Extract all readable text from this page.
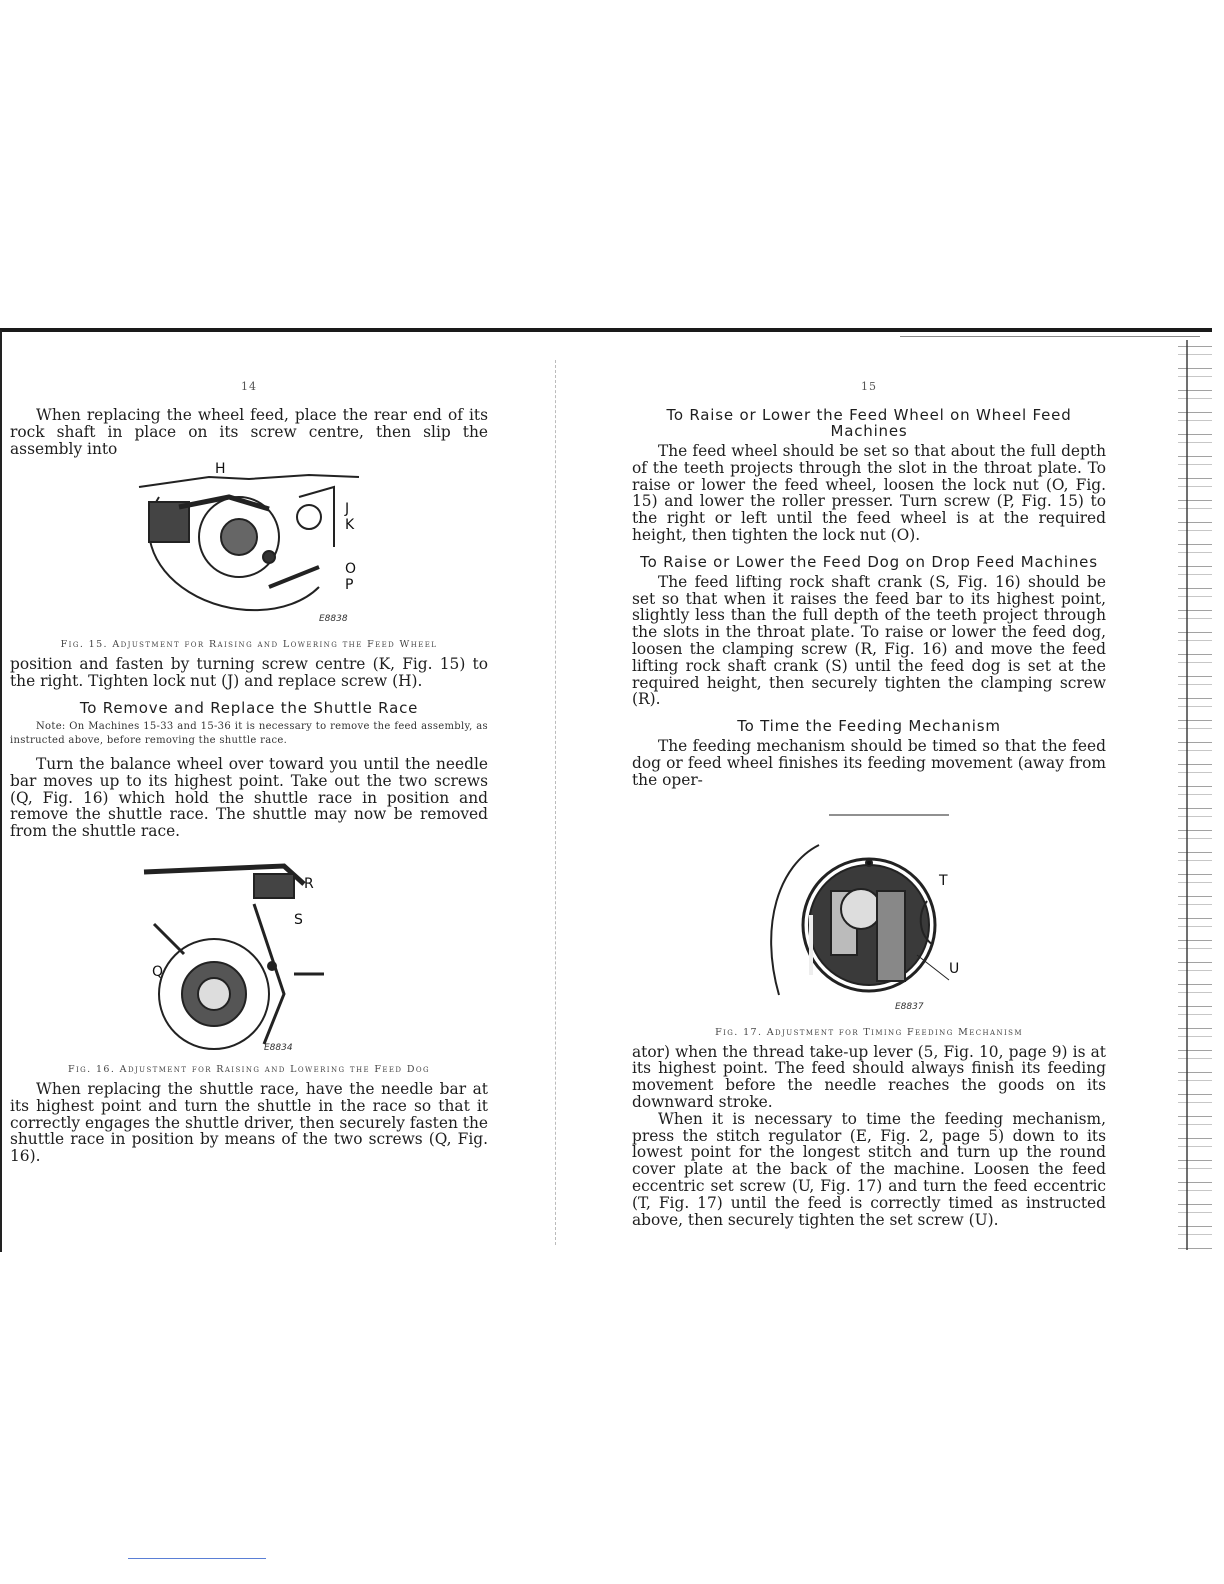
14

When replacing the wheel feed, place the rear end of its rock shaft in place on its screw centre, then slip the assembly into

H
J
K
O
P
E8838
Fig. 15. Adjustment for Raising and Lowering the Feed Wheel

position and fasten by turning screw centre (K, Fig. 15) to the right. Tighten lock nut (J) and replace screw (H).

To Remove and Replace the Shuttle Race

Note: On Machines 15-33 and 15-36 it is necessary to remove the feed assembly, as instructed above, before removing the shuttle race.

Turn the balance wheel over toward you until the needle bar moves up to its highest point. Take out the two screws (Q, Fig. 16) which hold the shuttle race in position and remove the shuttle race. The shuttle may now be removed from the shuttle race.

R
S
Q
E8834
Fig. 16. Adjustment for Raising and Lowering the Feed Dog

When replacing the shuttle race, have the needle bar at its highest point and turn the shuttle in the race so that it correctly engages the shuttle driver, then securely fasten the shuttle race in position by means of the two screws (Q, Fig. 16).

15
To Raise or Lower the Feed Wheel on Wheel Feed Machines

The feed wheel should be set so that about the full depth of the teeth projects through the slot in the throat plate. To raise or lower the feed wheel, loosen the lock nut (O, Fig. 15) and lower the roller presser. Turn screw (P, Fig. 15) to the right or left until the feed wheel is at the required height, then tighten the lock nut (O).

To Raise or Lower the Feed Dog on Drop Feed Machines

The feed lifting rock shaft crank (S, Fig. 16) should be set so that when it raises the feed bar to its highest point, slightly less than the full depth of the teeth project through the slots in the throat plate. To raise or lower the feed dog, loosen the clamping screw (R, Fig. 16) and move the feed lifting rock shaft crank (S) until the feed dog is set at the required height, then securely tighten the clamping screw (R).

To Time the Feeding Mechanism

The feeding mechanism should be timed so that the feed dog or feed wheel finishes its feeding movement (away from the oper-

T
U
E8837
Fig. 17. Adjustment for Timing Feeding Mechanism

ator) when the thread take-up lever (5, Fig. 10, page 9) is at its highest point. The feed should always finish its feeding movement before the needle reaches the goods on its downward stroke.

When it is necessary to time the feeding mechanism, press the stitch regulator (E, Fig. 2, page 5) down to its lowest point for the longest stitch and turn up the round cover plate at the back of the machine. Loosen the feed eccentric set screw (U, Fig. 17) and turn the feed eccentric (T, Fig. 17) until the feed is correctly timed as instructed above, then securely tighten the set screw (U).
